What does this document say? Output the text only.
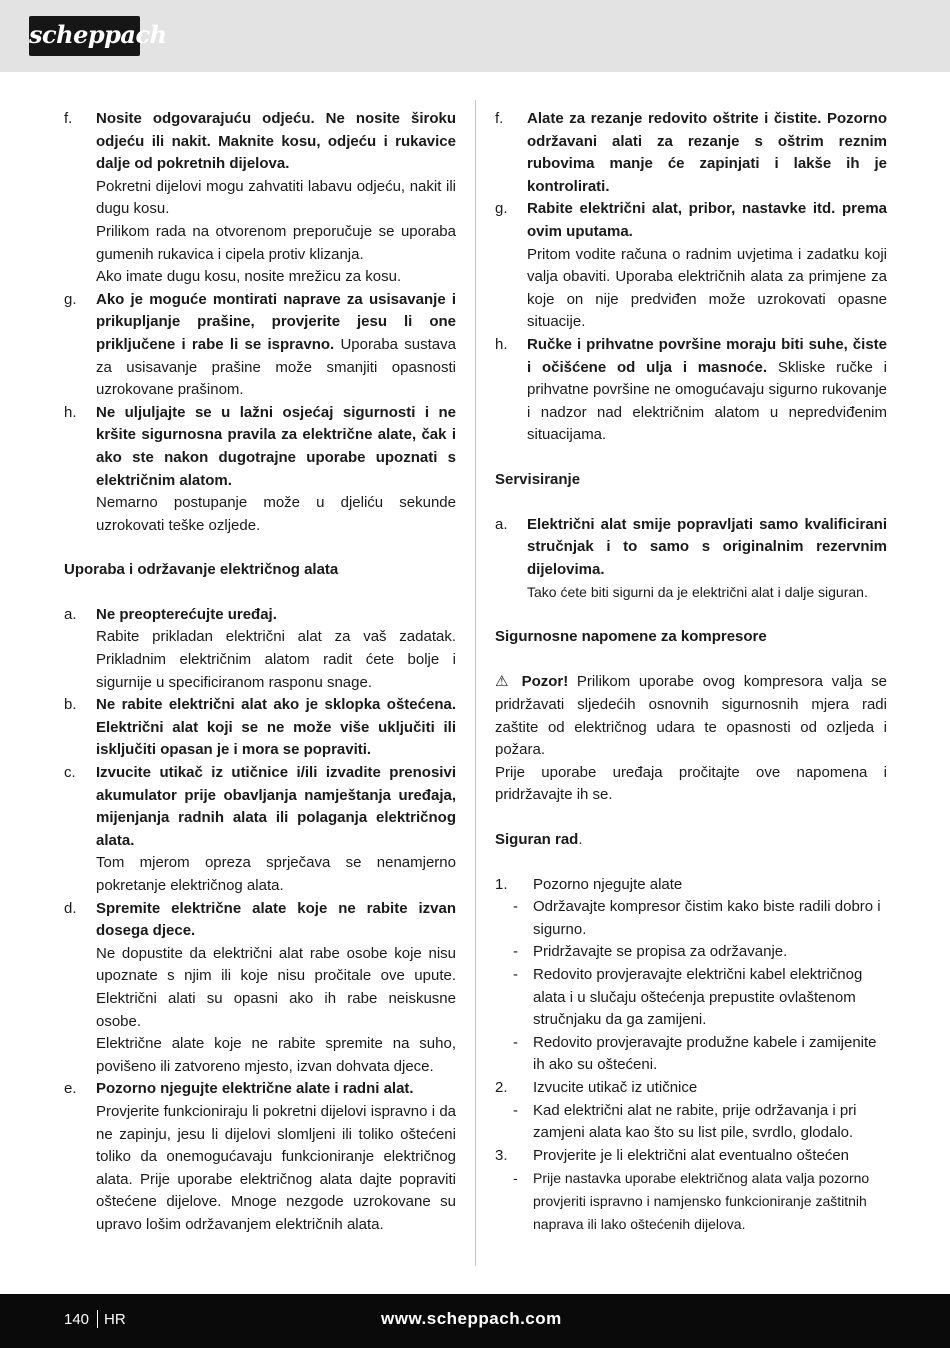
scheppach
f. Nosite odgovarajuću odjeću. Ne nosite široku odjeću ili nakit. Maknite kosu, odjeću i rukavice dalje od pokretnih dijelova.
Pokretni dijelovi mogu zahvatiti labavu odjeću, nakit ili dugu kosu.
Prilikom rada na otvorenom preporučuje se uporaba gumenih rukavica i cipela protiv klizanja.
Ako imate dugu kosu, nosite mrežicu za kosu.
g. Ako je moguće montirati naprave za usisavanje i prikupljanje prašine, provjerite jesu li one priključene i rabe li se ispravno. Uporaba sustava za usisavanje prašine može smanjiti opasnosti uzrokovane prašinom.
h. Ne uljuljajte se u lažni osjećaj sigurnosti i ne kršite sigurnosna pravila za električne alate, čak i ako ste nakon dugotrajne uporabe upoznati s električnim alatom.
Nemarno postupanje može u djeliću sekunde uzrokovati teške ozljede.
Uporaba i održavanje električnog alata
a. Ne preopterećujte uređaj.
Rabite prikladan električni alat za vaš zadatak. Prikladnim električnim alatom radit ćete bolje i sigurnije u specificiranom rasponu snage.
b. Ne rabite električni alat ako je sklopka oštećena. Električni alat koji se ne može više uključiti ili isključiti opasan je i mora se popraviti.
c. Izvucite utikač iz utičnice i/ili izvadite prenosivi akumulator prije obavljanja namještanja uređaja, mijenjanja radnih alata ili polaganja električnog alata.
Tom mjerom opreza sprječava se nenamjerno pokretanje električnog alata.
d. Spremite električne alate koje ne rabite izvan dosega djece.
Ne dopustite da električni alat rabe osobe koje nisu upoznate s njim ili koje nisu pročitale ove upute. Električni alati su opasni ako ih rabe neiskusne osobe.
Električne alate koje ne rabite spremite na suho, povišeno ili zatvoreno mjesto, izvan dohvata djece.
e. Pozorno njegujte električne alate i radni alat.
Provjerite funkcioniraju li pokretni dijelovi ispravno i da ne zapinju, jesu li dijelovi slomljeni ili toliko oštećeni toliko da onemogućavaju funkcioniranje električnog alata. Prije uporabe električnog alata dajte popraviti oštećene dijelove. Mnoge nezgode uzrokovane su upravo lošim održavanjem električnih alata.
f. Alate za rezanje redovito oštrite i čistite. Pozorno održavani alati za rezanje s oštrim reznim rubovima manje će zapinjati i lakše ih je kontrolirati.
g. Rabite električni alat, pribor, nastavke itd. prema ovim uputama.
Pritom vodite računa o radnim uvjetima i zadatku koji valja obaviti. Uporaba električnih alata za primjene za koje on nije predviđen može uzrokovati opasne situacije.
h. Ručke i prihvatne površine moraju biti suhe, čiste i očišćene od ulja i masnoće. Skliske ručke i prihvatne površine ne omogućavaju sigurno rukovanje i nadzor nad električnim alatom u nepredviđenim situacijama.
Servisiranje
a. Električni alat smije popravljati samo kvalificirani stručnjak i to samo s originalnim rezervnim dijelovima.
Tako ćete biti sigurni da je električni alat i dalje siguran.
Sigurnosne napomene za kompresore
⚠ Pozor! Prilikom uporabe ovog kompresora valja se pridržavati sljedećih osnovnih sigurnosnih mjera radi zaštite od električnog udara te opasnosti od ozljeda i požara.
Prije uporabe uređaja pročitajte ove napomena i pridržavajte ih se.
Siguran rad.
1. Pozorno njegujte alate
- Održavajte kompresor čistim kako biste radili dobro i sigurno.
- Pridržavajte se propisa za održavanje.
- Redovito provjeravajte električni kabel električnog alata i u slučaju oštećenja prepustite ovlaštenom stručnjaku da ga zamijeni.
- Redovito provjeravajte produžne kabele i zamijenite ih ako su oštećeni.
2. Izvucite utikač iz utičnice
- Kad električni alat ne rabite, prije održavanja i pri zamjeni alata kao što su list pile, svrdlo, glodalo.
3. Provjerite je li električni alat eventualno oštećen
- Prije nastavka uporabe električnog alata valja pozorno provjeriti ispravno i namjensko funkcioniranje zaštitnih naprava ili lako oštećenih dijelova.
140 HR	www.scheppach.com
